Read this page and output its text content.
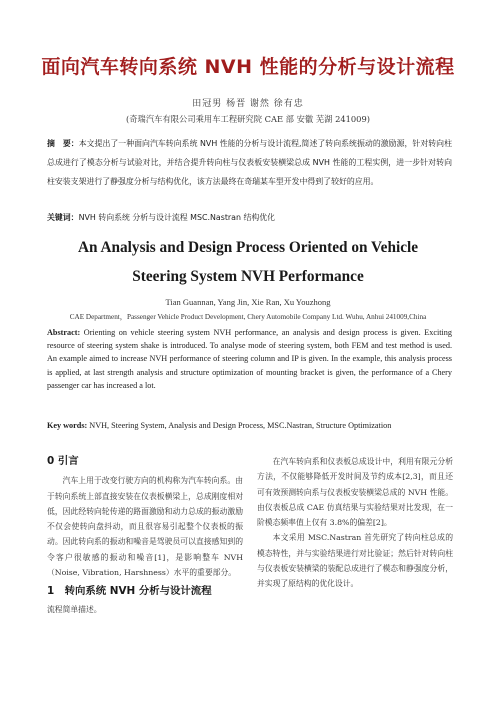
面向汽车转向系统 NVH 性能的分析与设计流程
田冠男 杨晋 谢然 徐有忠
(奇瑞汽车有限公司乘用车工程研究院 CAE 部 安徽 芜湖 241009)
摘　要：本文提出了一种面向汽车转向系统 NVH 性能的分析与设计流程,简述了转向系统振动的激励源，针对转向柱总成进行了模态分析与试验对比，并结合提升转向柱与仪表板安装横梁总成 NVH 性能的工程实例，进一步针对转向柱安装支架进行了静强度分析与结构优化，该方法最终在奇瑞某车型开发中得到了较好的应用。
关键词：NVH 转向系统 分析与设计流程 MSC.Nastran 结构优化
An Analysis and Design Process Oriented on Vehicle
Steering System NVH Performance
Tian Guannan, Yang Jin, Xie Ran, Xu Youzhong
CAE Department，Passenger Vehicle Product Development, Chery Automobile Company Ltd. Wuhu, Anhui 241009,China
Abstract: Orienting on vehicle steering system NVH performance, an analysis and design process is given. Exciting resource of steering system shake is introduced. To analyse mode of steering system, both FEM and test method is used. An example aimed to increase NVH performance of steering column and IP is given. In the example, this analysis process is applied, at last strength analysis and structure optimization of mounting bracket is given, the performance of a Chery passenger car has increased a lot.
Key words: NVH, Steering System, Analysis and Design Process, MSC.Nastran, Structure Optimization

0 引言

汽车上用于改变行驶方向的机构称为汽车转向系。由于转向系统上部直接安装在仪表板横梁上，总成刚度相对低，因此经转向轮传递的路面激励和动力总成的振动激励不仅会使转向盘抖动，而且很容易引起整个仪表板的振动。因此转向系的振动和噪音是驾驶员可以直接感知到的令客户很敏感的振动和噪音[1]，是影响整车 NVH（Noise, Vibration, Harshness）水平的重要部分。

1　转向系统 NVH 分析与设计流程

流程简单描述。

在汽车转向系和仪表板总成设计中，利用有限元分析方法，不仅能够降低开发时间及节约成本[2,3]，而且还可有效预测转向系与仪表板安装横梁总成的 NVH 性能。由仪表板总成 CAE 仿真结果与实验结果对比发现，在一阶模态频率值上仅有 3.8%的偏差[2]。

本文采用 MSC.Nastran 首先研究了转向柱总成的模态特性，并与实验结果进行对比验证；然后针对转向柱与仪表板安装横梁的装配总成进行了模态和静强度分析，并实现了原结构的优化设计。
